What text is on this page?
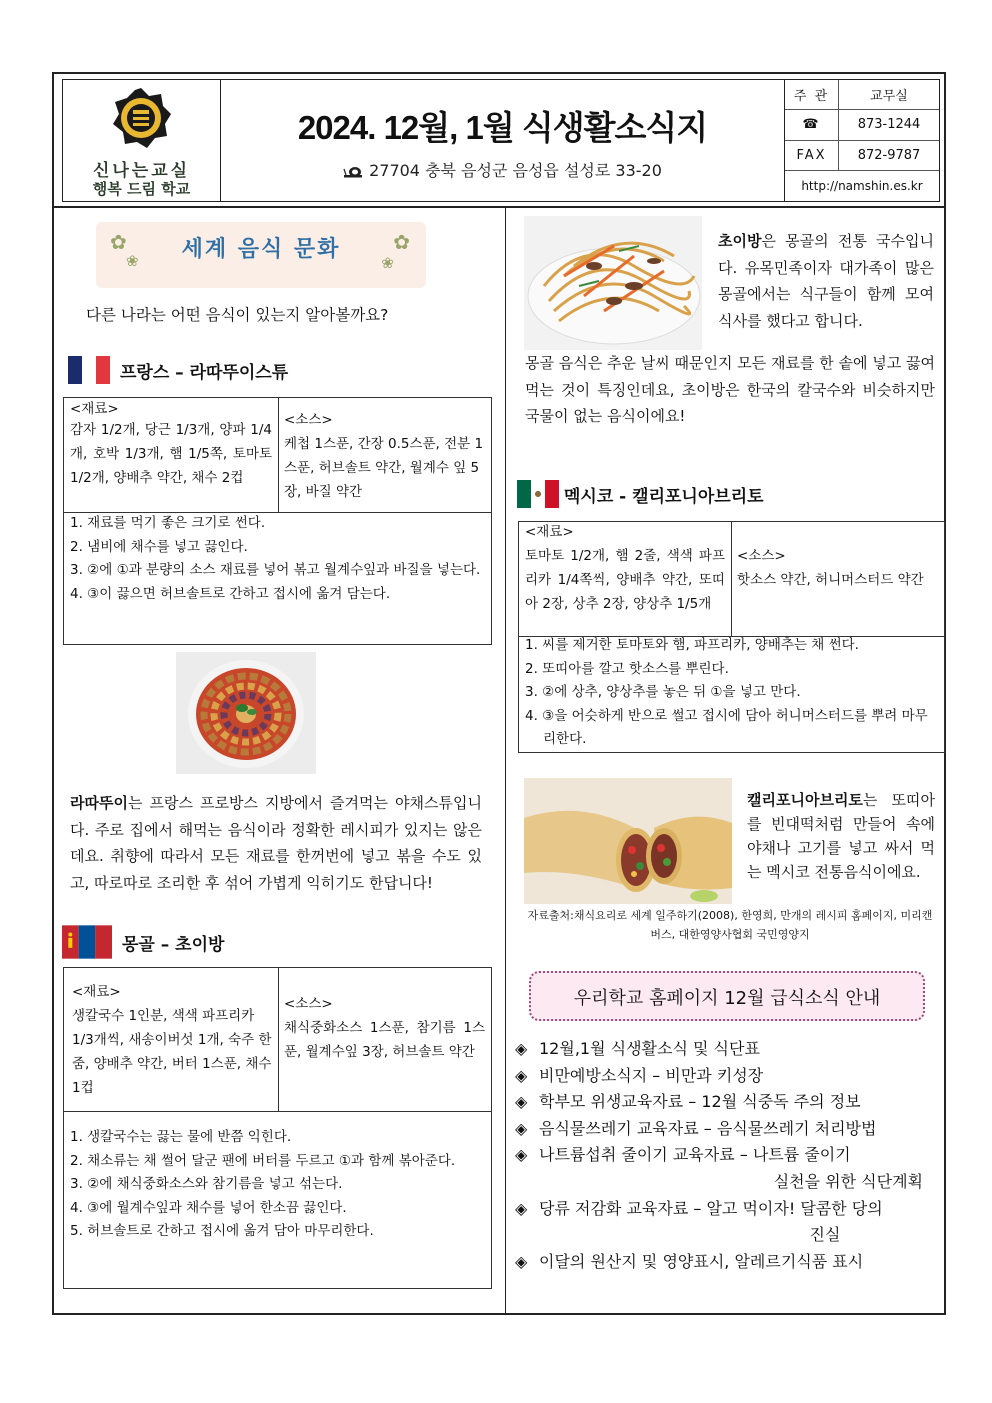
신나는교실
행복 드림 학교
2024. 12월, 1월 식생활소식지
27704 충북 음성군 음성읍 설성로 33-20
주 관	교무실
☎	873-1244
FAX	872-9787
http://namshin.es.kr
✿
❀
✿
❀
세계 음식 문화
다른 나라는 어떤 음식이 있는지 알아볼까요?
프랑스 – 라따뚜이스튜
<재료>
감자 1/2개, 당근 1/3개, 양파 1/4개, 호박 1/3개, 햄 1/5쪽, 토마토 1/2개, 양배추 약간, 채수 2컵
<소스>
케첩 1스푼, 간장 0.5스푼, 전분 1스푼, 허브솔트 약간, 월계수 잎 5장, 바질 약간
1. 재료를 먹기 좋은 크기로 썬다.
2. 냄비에 채수를 넣고 끓인다.
3. ②에 ①과 분량의 소스 재료를 넣어 볶고 월계수잎과 바질을 넣는다.
4. ③이 끓으면 허브솔트로 간하고 접시에 옮겨 담는다.
라따뚜이는 프랑스 프로방스 지방에서 즐겨먹는 야채스튜입니다. 주로 집에서 해먹는 음식이라 정확한 레시피가 있지는 않은데요. 취향에 따라서 모든 재료를 한꺼번에 넣고 볶을 수도 있고, 따로따로 조리한 후 섞어 가볍게 익히기도 한답니다!
몽골 – 초이방
<재료>
생칼국수 1인분, 색색 파프리카 1/3개씩, 새송이버섯 1개, 숙주 한 줌, 양배추 약간, 버터 1스푼, 채수 1컵
<소스>
채식중화소스 1스푼, 참기름 1스푼, 월계수잎 3장, 허브솔트 약간
1. 생칼국수는 끓는 물에 반쯤 익힌다.
2. 채소류는 채 썰어 달군 팬에 버터를 두르고 ①과 함께 볶아준다.
3. ②에 채식중화소스와 참기름을 넣고 섞는다.
4. ③에 월계수잎과 채수를 넣어 한소끔 끓인다.
5. 허브솔트로 간하고 접시에 옮겨 담아 마무리한다.
초이방은 몽골의 전통 국수입니다. 유목민족이자 대가족이 많은 몽골에서는 식구들이 함께 모여 식사를 했다고 합니다.
몽골 음식은 추운 날씨 때문인지 모든 재료를 한 솥에 넣고 끓여 먹는 것이 특징인데요, 초이방은 한국의 칼국수와 비슷하지만 국물이 없는 음식이에요!
멕시코 - 캘리포니아브리토
<재료>
토마토 1/2개, 햄 2줄, 색색 파프리카 1/4쪽씩, 양배추 약간, 또띠아 2장, 상추 2장, 양상추 1/5개
<소스>
핫소스 약간, 허니머스터드 약간
1. 씨를 제거한 토마토와 햄, 파프리카, 양배추는 채 썬다.
2. 또띠아를 깔고 핫소스를 뿌린다.
3. ②에 상추, 양상추를 놓은 뒤 ①을 넣고 만다.
4. ③을 어슷하게 반으로 썰고 접시에 담아 허니머스터드를 뿌려 마무리한다.
캘리포니아브리토는 또띠아를 빈대떡처럼 만들어 속에 야채나 고기를 넣고 싸서 먹는 멕시코 전통음식이에요.
자료출처:채식요리로 세계 일주하기(2008), 한영희, 만개의 레시피 홈페이지, 미리캔버스, 대한영양사협회 국민영양지
우리학교 홈페이지 12월 급식소식 안내
◈ 12월,1월 식생활소식 및 식단표
◈ 비만예방소식지 – 비만과 키성장
◈ 학부모 위생교육자료 – 12월 식중독 주의 정보
◈ 음식물쓰레기 교육자료 – 음식물쓰레기 처리방법
◈ 나트륨섭취 줄이기 교육자료 – 나트륨 줄이기
실천을 위한 식단계획
◈ 당류 저감화 교육자료 – 알고 먹이자! 달콤한 당의
진실
◈ 이달의 원산지 및 영양표시, 알레르기식품 표시
